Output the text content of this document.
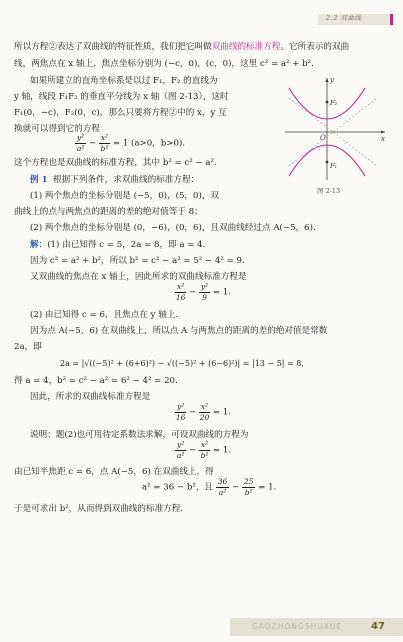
2.2 双曲线
所以方程②表达了双曲线的特征性质，我们把它叫做双曲线的标准方程。它所表示的双曲
线，两焦点在 x 轴上，焦点坐标分别为 (−c，0)，(c，0)，这里 c² = a² + b².
如果所建立的直角坐标系是以过 F₁，F₂ 的直线为
y 轴，线段 F₁F₂ 的垂直平分线为 x 轴（图 2-13），这时
F₁(0，−c)，F₂(0，c)，那么只要将方程②中的 x，y 互
换就可以得到它的方程
$\frac{\text{y²}}{\text{a²}} - \frac{\text{x²}}{\text{b²}} = 1$ (a>0，b>0).
这个方程也是双曲线的标准方程，其中 b² = c² − a².
y
x
O
F₂
F₁
图 2-13
例 1 根据下列条件，求双曲线的标准方程：
(1) 两个焦点的坐标分别是 (−5，0)，(5，0)，双
曲线上的点与两焦点的距离的差的绝对值等于 8；
(2) 两个焦点的坐标分别是 (0，−6)，(0，6)，且双曲线经过点 A(−5，6).
解：(1) 由已知得 c = 5，2a = 8，即 a = 4.
因为 c² = a² + b²，所以 b² = c² − a² = 5² − 4² = 9.
又双曲线的焦点在 x 轴上，因此所求的双曲线标准方程是
$\frac{\text{x²}}{16} - \frac{\text{y²}}{9} = 1$.
(2) 由已知得 c = 6，且焦点在 y 轴上.
因为点 A(−5，6) 在双曲线上，所以点 A 与两焦点的距离的差的绝对值是常数
2a，即
2a = |√((−5)² + (6+6)²) − √((−5)² + (6−6)²)| = |13 − 5| = 8,
得 a = 4，b² = c² − a² = 6² − 4² = 20.
因此，所求的双曲线标准方程是
$\frac{\text{y²}}{16} - \frac{\text{x²}}{20} = 1$.
说明：题(2)也可用待定系数法求解，可设双曲线的方程为
$\frac{\text{y²}}{\text{a²}} - \frac{\text{x²}}{\text{b²}} = 1$.
由已知半焦距 c = 6，点 A(−5，6) 在双曲线上，得
a² = 36 − b²，且 $\frac{36}{\text{a²}} - \frac{25}{\text{b²}} = 1$.
于是可求出 b²，从而得到双曲线的标准方程.
GAOZHONGSHUXUE	47
